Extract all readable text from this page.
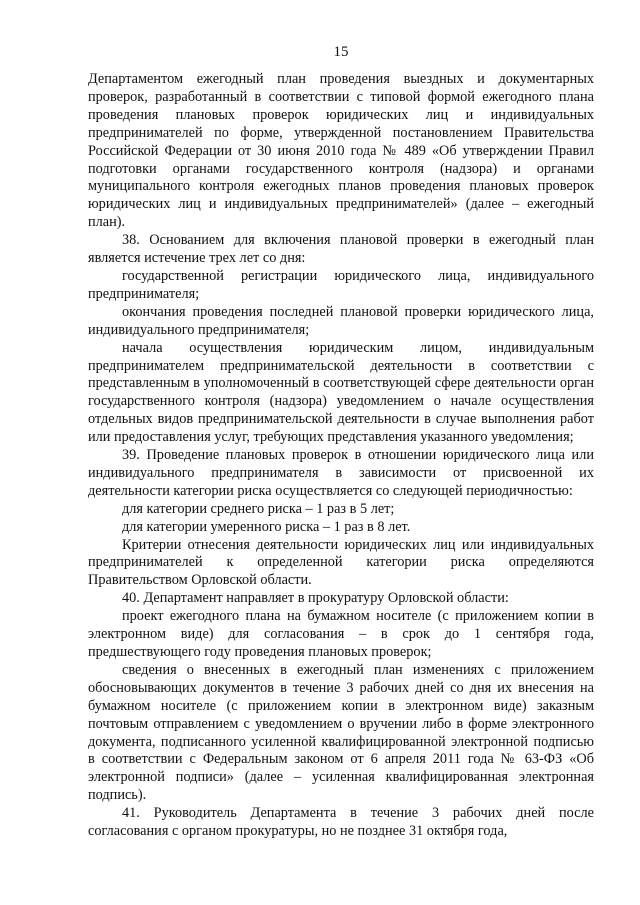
15

Департаментом ежегодный план проведения выездных и документарных проверок, разработанный в соответствии с типовой формой ежегодного плана проведения плановых проверок юридических лиц и индивидуальных предпринимателей по форме, утвержденной постановлением Правительства Российской Федерации от 30 июня 2010 года № 489 «Об утверждении Правил подготовки органами государственного контроля (надзора) и органами муниципального контроля ежегодных планов проведения плановых проверок юридических лиц и индивидуальных предпринимателей» (далее – ежегодный план).

38. Основанием для включения плановой проверки в ежегодный план является истечение трех лет со дня:

государственной регистрации юридического лица, индивидуального предпринимателя;

окончания проведения последней плановой проверки юридического лица, индивидуального предпринимателя;

начала осуществления юридическим лицом, индивидуальным предпринимателем предпринимательской деятельности в соответствии с представленным в уполномоченный в соответствующей сфере деятельности орган государственного контроля (надзора) уведомлением о начале осуществления отдельных видов предпринимательской деятельности в случае выполнения работ или предоставления услуг, требующих представления указанного уведомления;

39. Проведение плановых проверок в отношении юридического лица или индивидуального предпринимателя в зависимости от присвоенной их деятельности категории риска осуществляется со следующей периодичностью:

для категории среднего риска – 1 раз в 5 лет;

для категории умеренного риска – 1 раз в 8 лет.

Критерии отнесения деятельности юридических лиц или индивидуальных предпринимателей к определенной категории риска определяются Правительством Орловской области.

40. Департамент направляет в прокуратуру Орловской области:

проект ежегодного плана на бумажном носителе (с приложением копии в электронном виде) для согласования – в срок до 1 сентября года, предшествующего году проведения плановых проверок;

сведения о внесенных в ежегодный план изменениях с приложением обосновывающих документов в течение 3 рабочих дней со дня их внесения на бумажном носителе (с приложением копии в электронном виде) заказным почтовым отправлением с уведомлением о вручении либо в форме электронного документа, подписанного усиленной квалифицированной электронной подписью в соответствии с Федеральным законом от 6 апреля 2011 года № 63-ФЗ «Об электронной подписи» (далее – усиленная квалифицированная электронная подпись).

41. Руководитель Департамента в течение 3 рабочих дней после согласования с органом прокуратуры, но не позднее 31 октября года,
